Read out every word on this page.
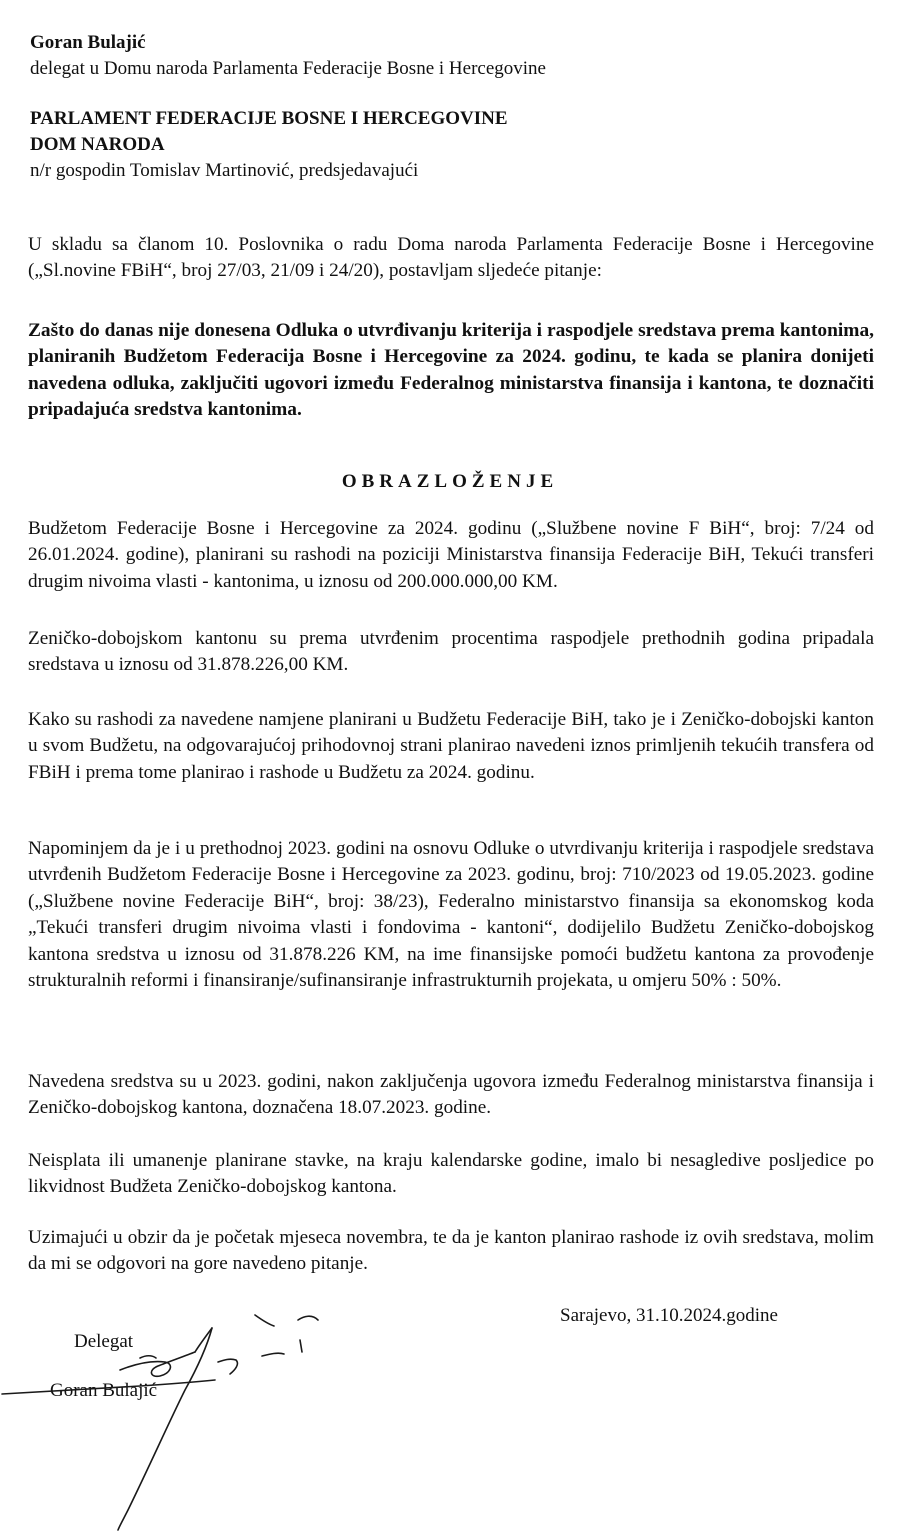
Goran Bulajić
delegat u Domu naroda Parlamenta Federacije Bosne i Hercegovine
PARLAMENT FEDERACIJE BOSNE I HERCEGOVINE
DOM NARODA
n/r gospodin Tomislav Martinović, predsjedavajući
U skladu sa članom 10. Poslovnika o radu Doma naroda Parlamenta Federacije Bosne i Hercegovine („Sl.novine FBiH“, broj 27/03, 21/09 i 24/20), postavljam sljedeće pitanje:
Zašto do danas nije donesena Odluka o utvrđivanju kriterija i raspodjele sredstava prema kantonima, planiranih Budžetom Federacija Bosne i Hercegovine za 2024. godinu, te kada se planira donijeti navedena odluka, zaključiti ugovori između Federalnog ministarstva finansija i kantona, te doznačiti pripadajuća sredstva kantonima.
OBRAZLOŽENJE
Budžetom Federacije Bosne i Hercegovine za 2024. godinu („Službene novine F BiH“, broj: 7/24 od 26.01.2024. godine), planirani su rashodi na poziciji Ministarstva finansija Federacije BiH, Tekući transferi drugim nivoima vlasti - kantonima, u iznosu od 200.000.000,00 KM.
Zeničko-dobojskom kantonu su prema utvrđenim procentima raspodjele prethodnih godina pripadala sredstava u iznosu od 31.878.226,00 KM.
Kako su rashodi za navedene namjene planirani u Budžetu Federacije BiH, tako je i Zeničko-dobojski kanton u svom Budžetu, na odgovarajućoj prihodovnoj strani planirao navedeni iznos primljenih tekućih transfera od FBiH i prema tome planirao i rashode u Budžetu za 2024. godinu.
Napominjem da je i u prethodnoj 2023. godini na osnovu Odluke o utvrdivanju kriterija i raspodjele sredstava utvrđenih Budžetom Federacije Bosne i Hercegovine za 2023. godinu, broj: 710/2023 od 19.05.2023. godine („Službene novine Federacije BiH“, broj: 38/23), Federalno ministarstvo finansija sa ekonomskog koda „Tekući transferi drugim nivoima vlasti i fondovima - kantoni“, dodijelilo Budžetu Zeničko-dobojskog kantona sredstva u iznosu od 31.878.226 KM, na ime finansijske pomoći budžetu kantona za provođenje strukturalnih reformi i finansiranje/sufinansiranje infrastrukturnih projekata, u omjeru 50% : 50%.
Navedena sredstva su u 2023. godini, nakon zaključenja ugovora između Federalnog ministarstva finansija i Zeničko-dobojskog kantona, doznačena 18.07.2023. godine.
Neisplata ili umanenje planirane stavke, na kraju kalendarske godine, imalo bi nesagledive posljedice po likvidnost Budžeta Zeničko-dobojskog kantona.
Uzimajući u obzir da je početak mjeseca novembra, te da je kanton planirao rashode iz ovih sredstava, molim da mi se odgovori na gore navedeno pitanje.
Sarajevo, 31.10.2024.godine
Delegat
Goran Bulajić
